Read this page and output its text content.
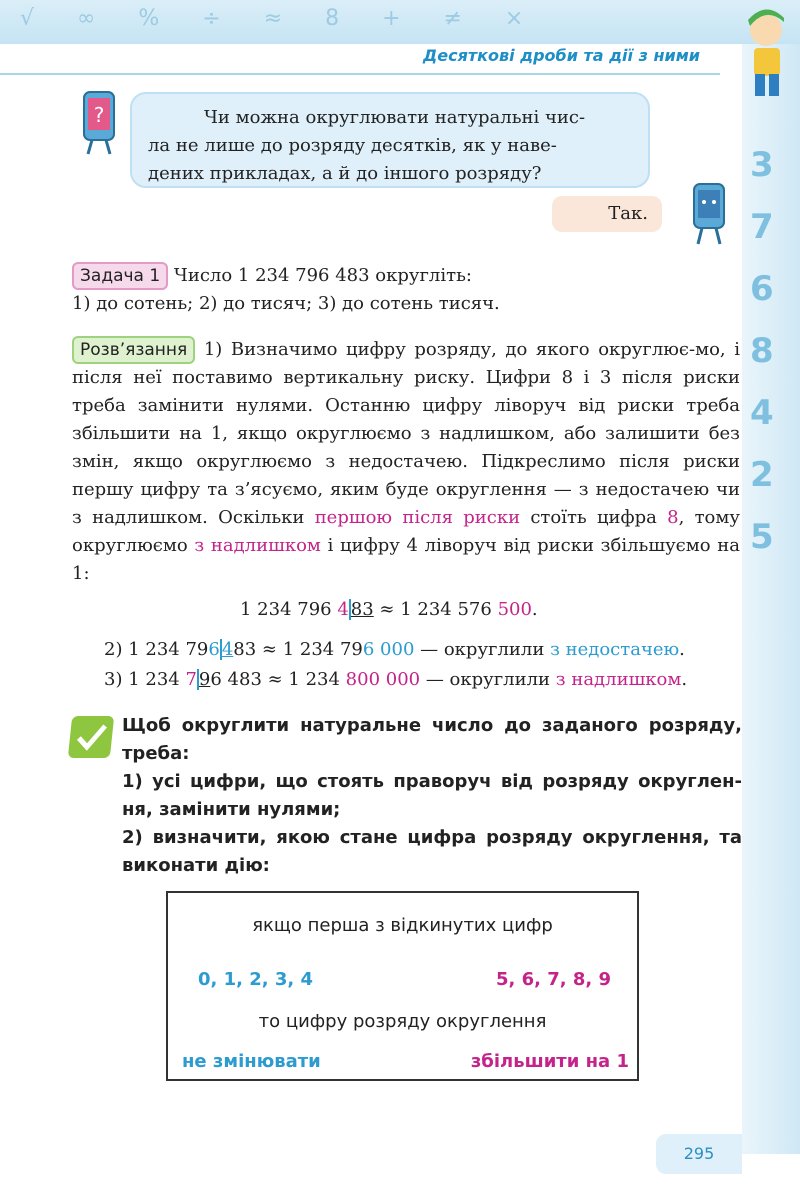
√ ∞ % ÷ ≈ 8 + ≠ ×
Десяткові дроби та дії з ними
3 7 6 8 4 2 5
?	Чи можна округлювати натуральні чис-
ла не лише до розряду десятків, як у наве-
дених прикладах, а й до іншого розряду?
Так.
Задача 1 Число 1 234 796 483 округліть:
1) до сотень; 2) до тисяч; 3) до сотень тисяч.
Розв’язання 1) Визначимо цифру розряду, до якого округлює-мо, і після неї поставимо вертикальну риску. Цифри 8 і 3 після риски треба замінити нулями. Останню цифру ліворуч від риски треба збільшити на 1, якщо округлюємо з надлишком, або залишити без змін, якщо округлюємо з недостачею. Підкреслимо після риски першу цифру та з’ясуємо, яким буде округлення — з недостачею чи з надлишком. Оскільки першою після риски стоїть цифра 8, тому округлюємо з надлишком і цифру 4 ліворуч від риски збільшуємо на 1:
1 234 796 4 83 ≈ 1 234 576 500.
2) 1 234 796 483 ≈ 1 234 796 000 — округлили з недостачею.
3) 1 234 7 96 483 ≈ 1 234 800 000 — округлили з надлишком.
Щоб округлити натуральне число до заданого розряду, треба:
1) усі цифри, що стоять праворуч від розряду округлен-ня, замінити нулями;
2) визначити, якою стане цифра розряду округлення, та виконати дію:
якщо перша з відкинутих цифр
0, 1, 2, 3, 4	5, 6, 7, 8, 9
то цифру розряду округлення
не змінювати	збільшити на 1
295
